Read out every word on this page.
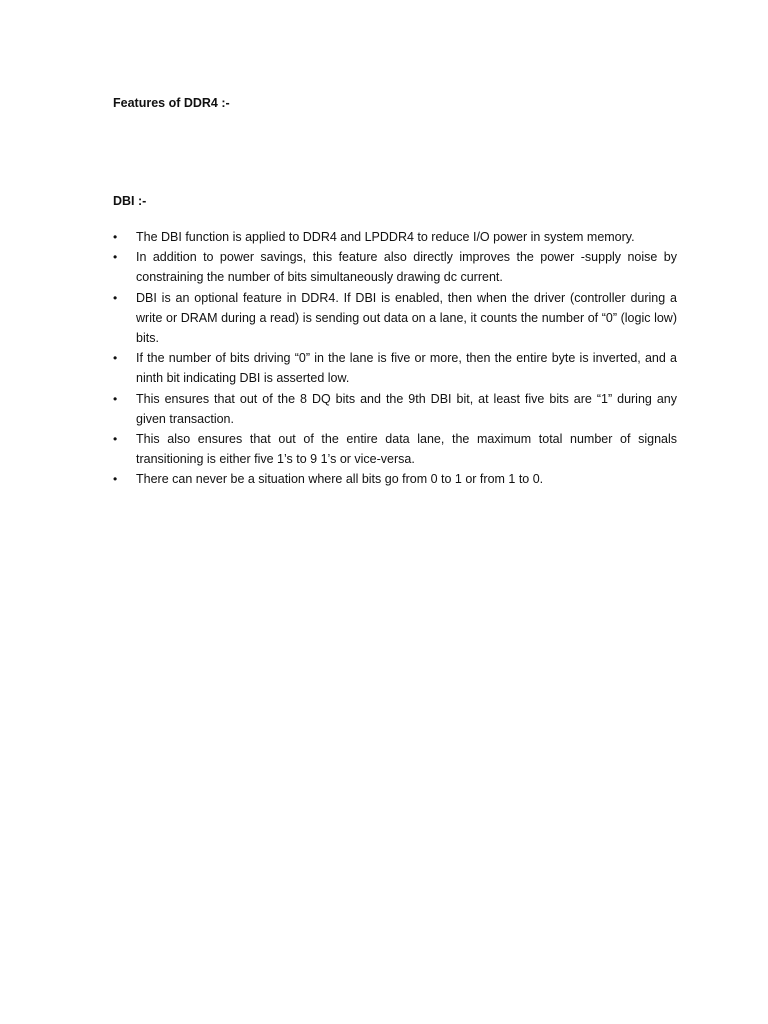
Features of DDR4 :-
DBI :-
•	The DBI function is applied to DDR4 and LPDDR4 to reduce I/O power in system memory.
•	In addition to power savings, this feature also directly improves the power -supply noise by constraining the number of bits simultaneously drawing dc current.
•	DBI is an optional feature in DDR4. If DBI is enabled, then when the driver (controller during a write or DRAM during a read) is sending out data on a lane, it counts the number of “0” (logic low) bits.
•	If the number of bits driving “0” in the lane is five or more, then the entire byte is inverted, and a ninth bit indicating DBI is asserted low.
•	This ensures that out of the 8 DQ bits and the 9th DBI bit, at least five bits are “1” during any given transaction.
•	This also ensures that out of the entire data lane, the maximum total number of signals transitioning is either five 1’s to 9 1’s or vice-versa.
•	There can never be a situation where all bits go from 0 to 1 or from 1 to 0.
